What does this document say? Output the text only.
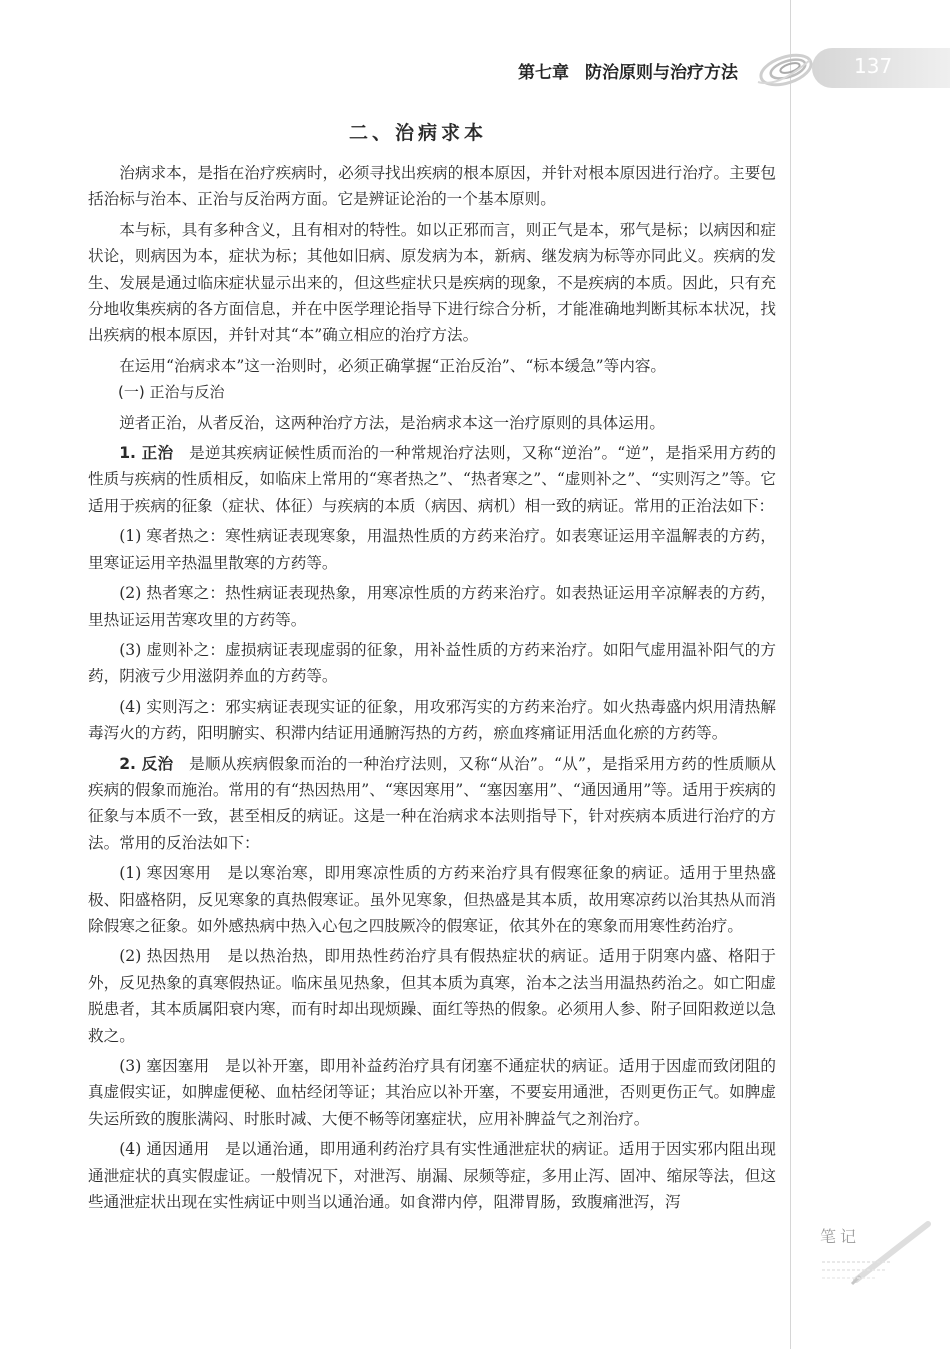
第七章 防治原则与治疗方法	137
二、治病求本

治病求本，是指在治疗疾病时，必须寻找出疾病的根本原因，并针对根本原因进行治疗。主要包括治标与治本、正治与反治两方面。它是辨证论治的一个基本原则。

本与标，具有多种含义，且有相对的特性。如以正邪而言，则正气是本，邪气是标；以病因和症状论，则病因为本，症状为标；其他如旧病、原发病为本，新病、继发病为标等亦同此义。疾病的发生、发展是通过临床症状显示出来的，但这些症状只是疾病的现象，不是疾病的本质。因此，只有充分地收集疾病的各方面信息，并在中医学理论指导下进行综合分析，才能准确地判断其标本状况，找出疾病的根本原因，并针对其“本”确立相应的治疗方法。

在运用“治病求本”这一治则时，必须正确掌握“正治反治”、“标本缓急”等内容。

(一) 正治与反治

逆者正治，从者反治，这两种治疗方法，是治病求本这一治疗原则的具体运用。

1. 正治　 是逆其疾病证候性质而治的一种常规治疗法则，又称“逆治”。“逆”，是指采用方药的性质与疾病的性质相反，如临床上常用的“寒者热之”、“热者寒之”、“虚则补之”、“实则泻之”等。它适用于疾病的征象（症状、体征）与疾病的本质（病因、病机）相一致的病证。常用的正治法如下：

(1) 寒者热之：寒性病证表现寒象，用温热性质的方药来治疗。如表寒证运用辛温解表的方药，里寒证运用辛热温里散寒的方药等。

(2) 热者寒之：热性病证表现热象，用寒凉性质的方药来治疗。如表热证运用辛凉解表的方药，里热证运用苦寒攻里的方药等。

(3) 虚则补之：虚损病证表现虚弱的征象，用补益性质的方药来治疗。如阳气虚用温补阳气的方药，阴液亏少用滋阴养血的方药等。

(4) 实则泻之：邪实病证表现实证的征象，用攻邪泻实的方药来治疗。如火热毒盛内炽用清热解毒泻火的方药，阳明腑实、积滞内结证用通腑泻热的方药，瘀血疼痛证用活血化瘀的方药等。

2. 反治　 是顺从疾病假象而治的一种治疗法则，又称“从治”。“从”，是指采用方药的性质顺从疾病的假象而施治。常用的有“热因热用”、“寒因寒用”、“塞因塞用”、“通因通用”等。适用于疾病的征象与本质不一致，甚至相反的病证。这是一种在治病求本法则指导下，针对疾病本质进行治疗的方法。常用的反治法如下：

(1) 寒因寒用　是以寒治寒，即用寒凉性质的方药来治疗具有假寒征象的病证。适用于里热盛极、阳盛格阴，反见寒象的真热假寒证。虽外见寒象，但热盛是其本质，故用寒凉药以治其热从而消除假寒之征象。如外感热病中热入心包之四肢厥冷的假寒证，依其外在的寒象而用寒性药治疗。

(2) 热因热用　是以热治热，即用热性药治疗具有假热症状的病证。适用于阴寒内盛、格阳于外，反见热象的真寒假热证。临床虽见热象，但其本质为真寒，治本之法当用温热药治之。如亡阳虚脱患者，其本质属阳衰内寒，而有时却出现烦躁、面红等热的假象。必须用人参、附子回阳救逆以急救之。

(3) 塞因塞用　是以补开塞，即用补益药治疗具有闭塞不通症状的病证。适用于因虚而致闭阻的真虚假实证，如脾虚便秘、血枯经闭等证；其治应以补开塞，不要妄用通泄，否则更伤正气。如脾虚失运所致的腹胀满闷、时胀时减、大便不畅等闭塞症状，应用补脾益气之剂治疗。

(4) 通因通用　是以通治通，即用通利药治疗具有实性通泄症状的病证。适用于因实邪内阻出现通泄症状的真实假虚证。一般情况下，对泄泻、崩漏、尿频等症，多用止泻、固冲、缩尿等法，但这些通泄症状出现在实性病证中则当以通治通。如食滞内停，阻滞胃肠，致腹痛泄泻，泻

笔记
